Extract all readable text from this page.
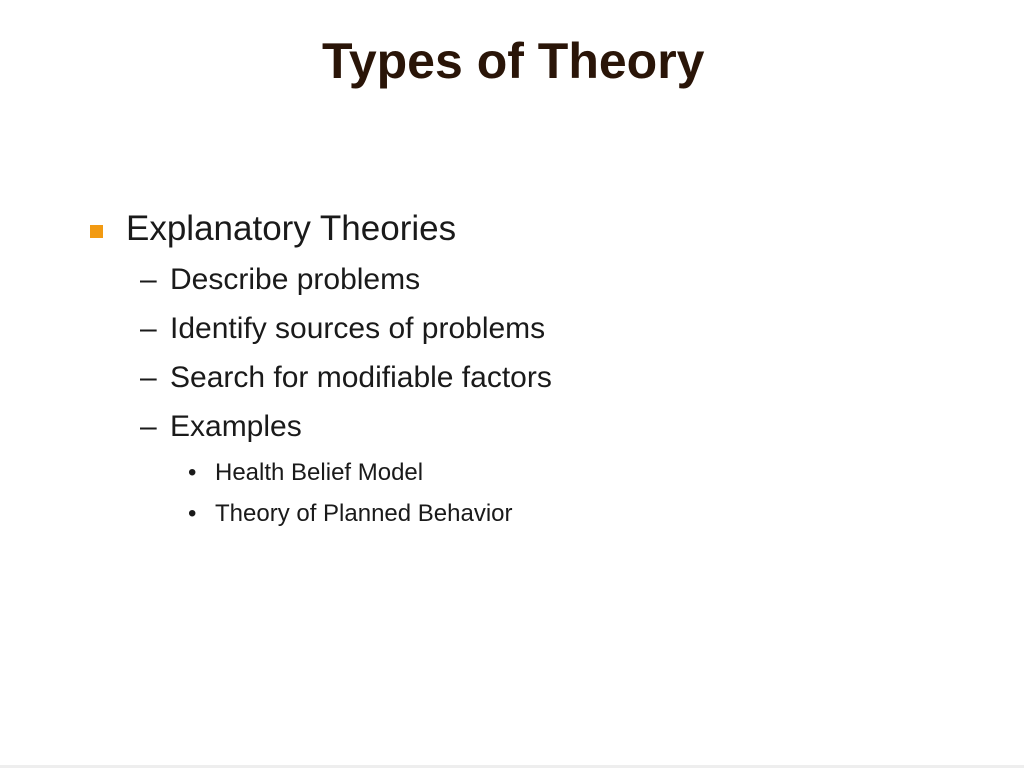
Types of Theory
Explanatory Theories
– Describe problems
– Identify sources of problems
– Search for modifiable factors
– Examples
• Health Belief Model
• Theory of Planned Behavior
